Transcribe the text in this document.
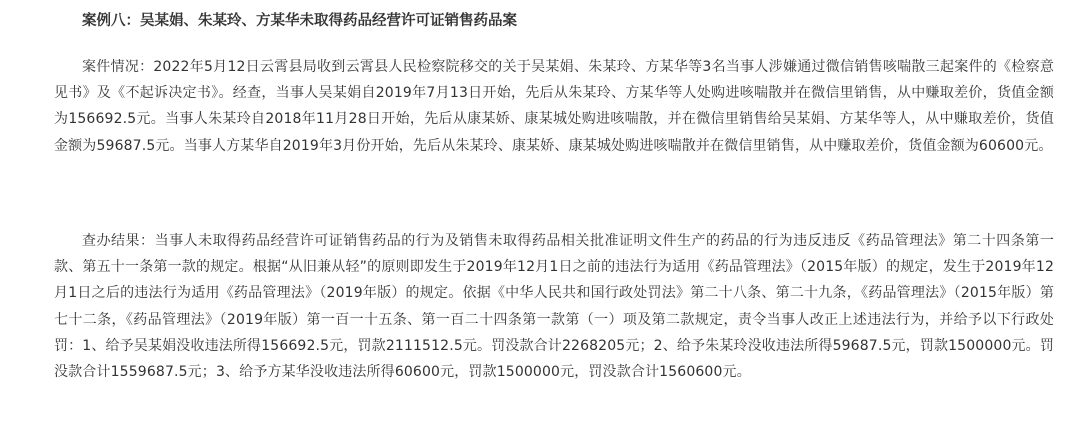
案例八：吴某娟、朱某玲、方某华未取得药品经营许可证销售药品案

案件情况：2022年5月12日云霄县局收到云霄县人民检察院移交的关于吴某娟、朱某玲、方某华等3名当事人涉嫌通过微信销售咳喘散三起案件的《检察意见书》及《不起诉决定书》。经查，当事人吴某娟自2019年7月13日开始，先后从朱某玲、方某华等人处购进咳喘散并在微信里销售，从中赚取差价，货值金额为156692.5元。当事人朱某玲自2018年11月28日开始，先后从康某娇、康某城处购进咳喘散，并在微信里销售给吴某娟、方某华等人，从中赚取差价，货值金额为59687.5元。当事人方某华自2019年3月份开始，先后从朱某玲、康某娇、康某城处购进咳喘散并在微信里销售，从中赚取差价，货值金额为60600元。

查办结果：当事人未取得药品经营许可证销售药品的行为及销售未取得药品相关批准证明文件生产的药品的行为违反违反《药品管理法》第二十四条第一款、第五十一条第一款的规定。根据“从旧兼从轻”的原则即发生于2019年12月1日之前的违法行为适用《药品管理法》（2015年版）的规定，发生于2019年12月1日之后的违法行为适用《药品管理法》（2019年版）的规定。依据《中华人民共和国行政处罚法》第二十八条、第二十九条，《药品管理法》（2015年版）第七十二条，《药品管理法》（2019年版）第一百一十五条、第一百二十四条第一款第（一）项及第二款规定，责令当事人改正上述违法行为，并给予以下行政处罚：1、给予吴某娟没收违法所得156692.5元，罚款2111512.5元。罚没款合计2268205元；2、给予朱某玲没收违法所得59687.5元，罚款1500000元。罚没款合计1559687.5元；3、给予方某华没收违法所得60600元，罚款1500000元，罚没款合计1560600元。
